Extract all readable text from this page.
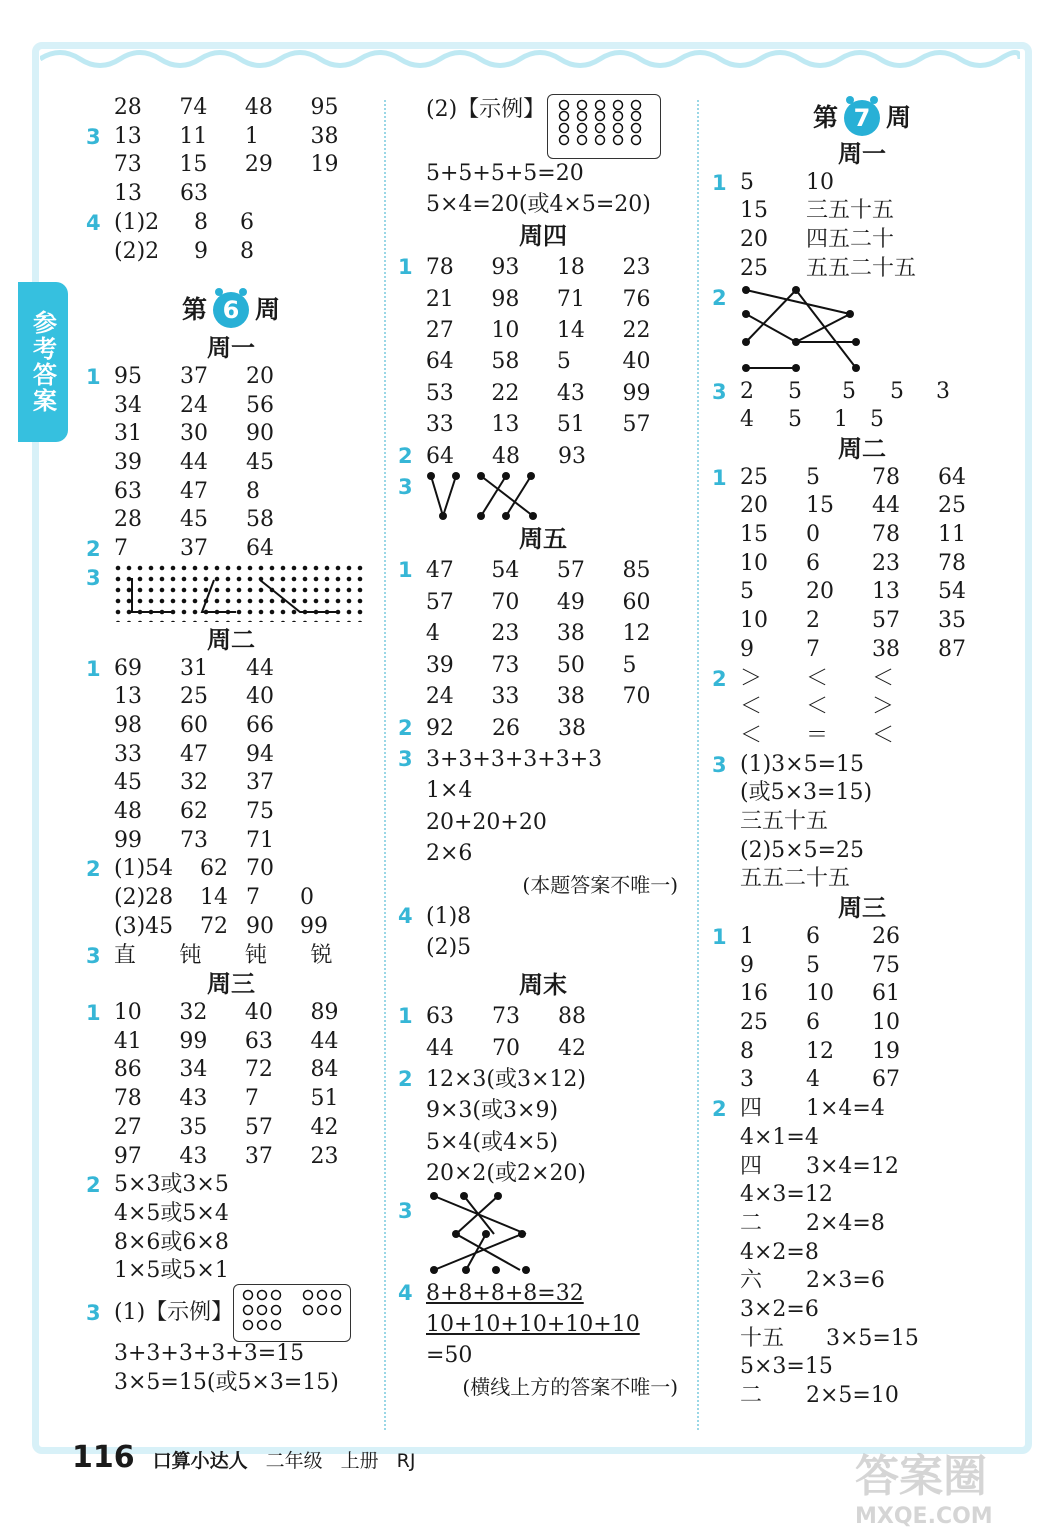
参考答案
28	74	48	95
3 13	11	1	38
73	15	29	19
13	63
4 (1)2	8	6
(2)2	9	8
第 6 周
周一
1 95	37	20
34	24	56
31	30	90
39	44	45
63	47	8
28	45	58
2 7	37	64
3
周二
1 69	31	44
13	25	40
98	60	66
33	47	94
45	32	37
48	62	75
99	73	71
2 (1)54	62 70
(2)28	14 7	0
(3)45	72 90	99
3 直	钝	钝	锐
周三
1 10	32	40	89
41	99	63	44
86	34	72	84
78	43	7	51
27	35	57	42
97	43	37	23
2 5×3或3×5
4×5或5×4
8×6或6×8
1×5或5×1
3 (1)【示例】
3+3+3+3+3=15
3×5=15(或5×3=15)
(2)【示例】
5+5+5+5=20
5×4=20(或4×5=20)
周四
1 78	93	18	23
21	98	71	76
27	10	14	22
64	58	5	40
53	22	43	99
33	13	51	57
2 64	48	93
3
周五
1 47	54	57	85
57	70	49	60
4	23	38	12
39	73	50	5
24	33	38	70
2 92	26	38
3 3+3+3+3+3+3
1×4
20+20+20
2×6
(本题答案不唯一)
4 (1)8
(2)5
周末
1 63	73	88
44	70	42
2 12×3(或3×12)
9×3(或3×9)
5×4(或4×5)
20×2(或2×20)
3
4 8+8+8+8=32
10+10+10+10+10
=50
(横线上方的答案不唯一)
第 7 周
周一
1 5	10
15	三五十五
20	四五二十
25	五五二十五
2
3 2	5	5	5	3
4	5	1	5
周二
1 25	5	78	64
20	15	44	25
15	0	78	11
10	6	23	78
5	20	13	54
10	2	57	35
9	7	38	87
2 ＞	＜	＜
＜	＜	＞
＜	＝	＜
3 (1)3×5=15
(或5×3=15)
三五十五
(2)5×5=25
五五二十五
周三
1 1	6	26
9	5	75
16	10	61
25	6	10
8	12	19
3	4	67
2 四	1×4=4
4×1=4
四	3×4=12
4×3=12
二	2×4=8
4×2=8
六	2×3=6
3×2=6
十五	3×5=15
5×3=15
二	2×5=10
116 口算小达人 二年级 上册 RJ	答案圈
MXQE.COM
